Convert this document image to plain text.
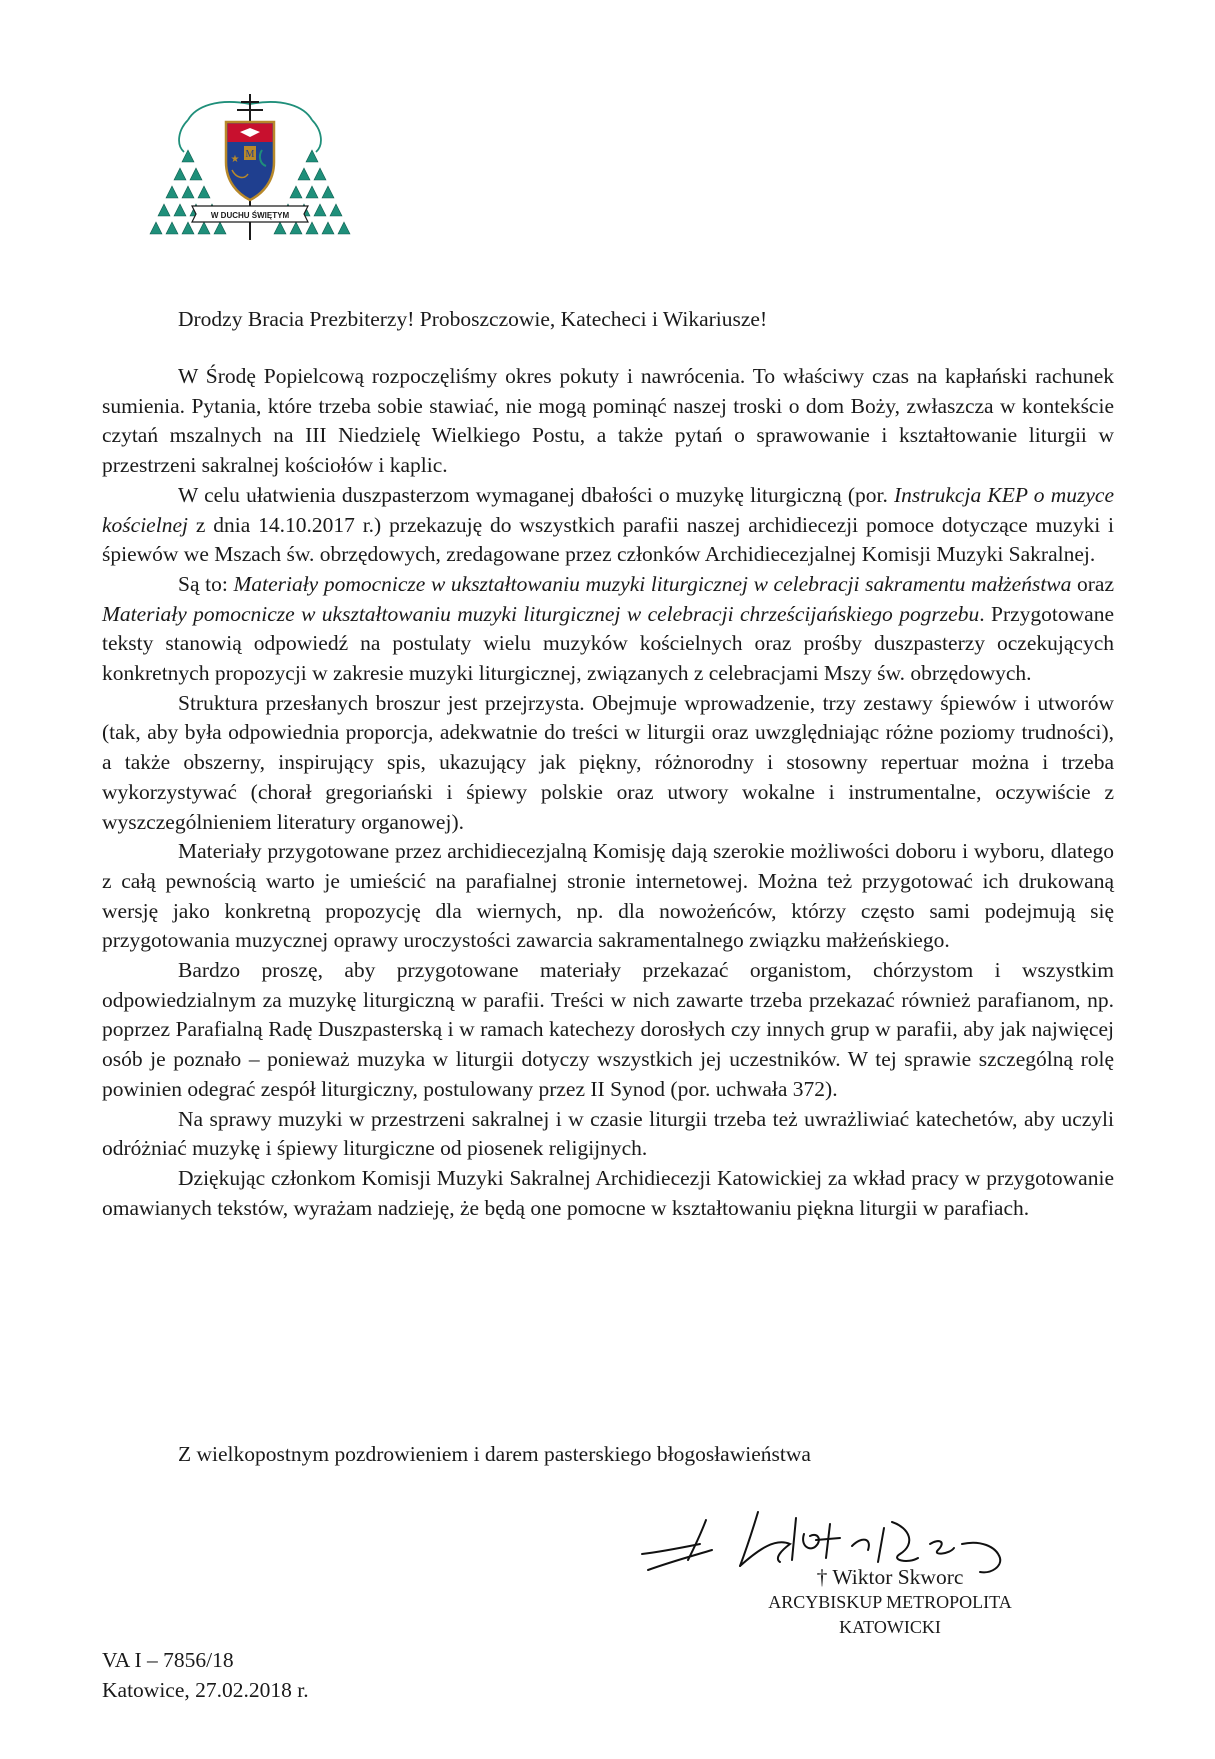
M
★
W DUCHU ŚWIĘTYM

Drodzy Bracia Prezbiterzy! Proboszczowie, Katecheci i Wikariusze!

W Środę Popielcową rozpoczęliśmy okres pokuty i nawrócenia. To właściwy czas na kapłański rachunek sumienia. Pytania, które trzeba sobie stawiać, nie mogą pominąć naszej troski o dom Boży, zwłaszcza w kontekście czytań mszalnych na III Niedzielę Wielkiego Postu, a także pytań o sprawowanie i kształtowanie liturgii w przestrzeni sakralnej kościołów i kaplic.

W celu ułatwienia duszpasterzom wymaganej dbałości o muzykę liturgiczną (por. Instrukcja KEP o muzyce kościelnej z dnia 14.10.2017 r.) przekazuję do wszystkich parafii naszej archidiecezji pomoce dotyczące muzyki i śpiewów we Mszach św. obrzędowych, zredagowane przez członków Archidiecezjalnej Komisji Muzyki Sakralnej.

Są to: Materiały pomocnicze w ukształtowaniu muzyki liturgicznej w celebracji sakramentu małżeństwa oraz Materiały pomocnicze w ukształtowaniu muzyki liturgicznej w celebracji chrześcijańskiego pogrzebu. Przygotowane teksty stanowią odpowiedź na postulaty wielu muzyków kościelnych oraz prośby duszpasterzy oczekujących konkretnych propozycji w zakresie muzyki liturgicznej, związanych z celebracjami Mszy św. obrzędowych.

Struktura przesłanych broszur jest przejrzysta. Obejmuje wprowadzenie, trzy zestawy śpiewów i utworów (tak, aby była odpowiednia proporcja, adekwatnie do treści w liturgii oraz uwzględniając różne poziomy trudności), a także obszerny, inspirujący spis, ukazujący jak piękny, różnorodny i stosowny repertuar można i trzeba wykorzystywać (chorał gregoriański i śpiewy polskie oraz utwory wokalne i instrumentalne, oczywiście z wyszczególnieniem literatury organowej).

Materiały przygotowane przez archidiecezjalną Komisję dają szerokie możliwości doboru i wyboru, dlatego z całą pewnością warto je umieścić na parafialnej stronie internetowej. Można też przygotować ich drukowaną wersję jako konkretną propozycję dla wiernych, np. dla nowożeńców, którzy często sami podejmują się przygotowania muzycznej oprawy uroczystości zawarcia sakramentalnego związku małżeńskiego.

Bardzo proszę, aby przygotowane materiały przekazać organistom, chórzystom i wszystkim odpowiedzialnym za muzykę liturgiczną w parafii. Treści w nich zawarte trzeba przekazać również parafianom, np. poprzez Parafialną Radę Duszpasterską i w ramach katechezy dorosłych czy innych grup w parafii, aby jak najwięcej osób je poznało – ponieważ muzyka w liturgii dotyczy wszystkich jej uczestników. W tej sprawie szczególną rolę powinien odegrać zespół liturgiczny, postulowany przez II Synod (por. uchwała 372).

Na sprawy muzyki w przestrzeni sakralnej i w czasie liturgii trzeba też uwrażliwiać katechetów, aby uczyli odróżniać muzykę i śpiewy liturgiczne od piosenek religijnych.

Dziękując członkom Komisji Muzyki Sakralnej Archidiecezji Katowickiej za wkład pracy w przygotowanie omawianych tekstów, wyrażam nadzieję, że będą one pomocne w kształtowaniu piękna liturgii w parafiach.

Z wielkopostnym pozdrowieniem i darem pasterskiego błogosławieństwa

† Wiktor Skworc
ARCYBISKUP METROPOLITA
KATOWICKI
VA I – 7856/18
Katowice, 27.02.2018 r.
